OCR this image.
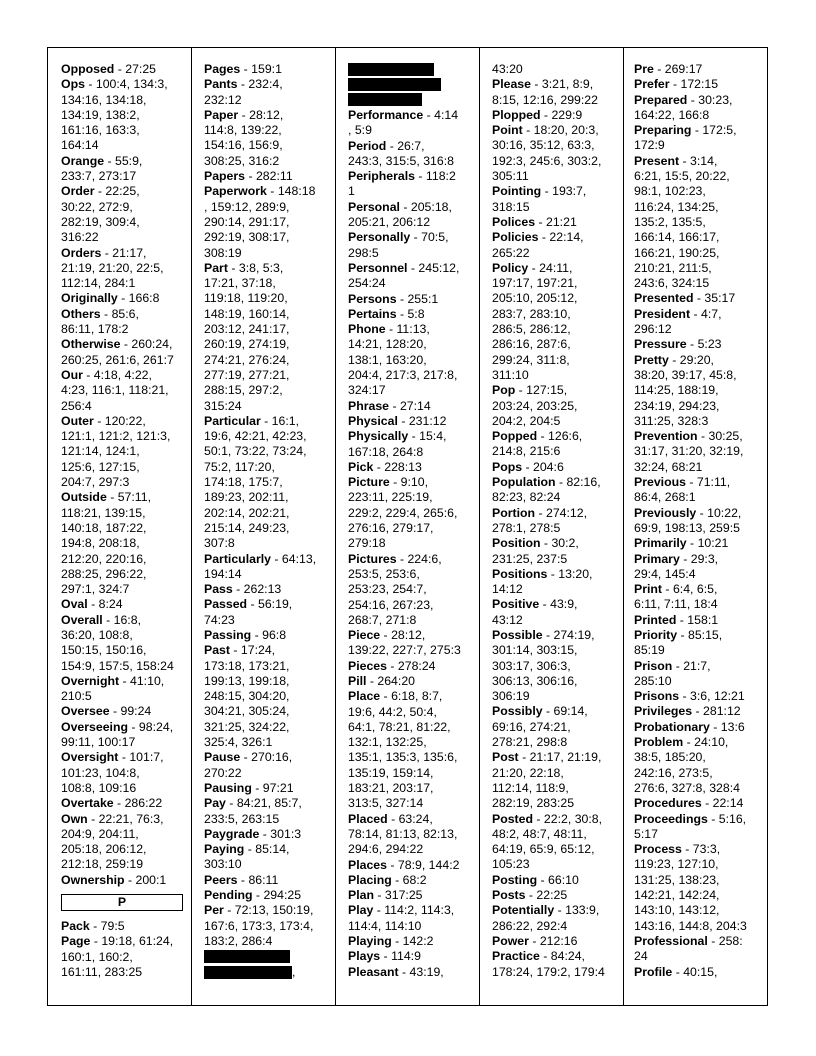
Opposed - 27:25
Ops - 100:4, 134:3,
134:16, 134:18,
134:19, 138:2,
161:16, 163:3,
164:14
Orange - 55:9,
233:7, 273:17
Order - 22:25,
30:22, 272:9,
282:19, 309:4,
316:22
Orders - 21:17,
21:19, 21:20, 22:5,
112:14, 284:1
Originally - 166:8
Others - 85:6,
86:11, 178:2
Otherwise - 260:24,
260:25, 261:6, 261:7
Our - 4:18, 4:22,
4:23, 116:1, 118:21,
256:4
Outer - 120:22,
121:1, 121:2, 121:3,
121:14, 124:1,
125:6, 127:15,
204:7, 297:3
Outside - 57:11,
118:21, 139:15,
140:18, 187:22,
194:8, 208:18,
212:20, 220:16,
288:25, 296:22,
297:1, 324:7
Oval - 8:24
Overall - 16:8,
36:20, 108:8,
150:15, 150:16,
154:9, 157:5, 158:24
Overnight - 41:10,
210:5
Oversee - 99:24
Overseeing - 98:24,
99:11, 100:17
Oversight - 101:7,
101:23, 104:8,
108:8, 109:16
Overtake - 286:22
Own - 22:21, 76:3,
204:9, 204:11,
205:18, 206:12,
212:18, 259:19
Ownership - 200:1
P
Pack - 79:5
Page - 19:18, 61:24,
160:1, 160:2,
161:11, 283:25
Pages - 159:1
Pants - 232:4,
232:12
Paper - 28:12,
114:8, 139:22,
154:16, 156:9,
308:25, 316:2
Papers - 282:11
Paperwork - 148:18
, 159:12, 289:9,
290:14, 291:17,
292:19, 308:17,
308:19
Part - 3:8, 5:3,
17:21, 37:18,
119:18, 119:20,
148:19, 160:14,
203:12, 241:17,
260:19, 274:19,
274:21, 276:24,
277:19, 277:21,
288:15, 297:2,
315:24
Particular - 16:1,
19:6, 42:21, 42:23,
50:1, 73:22, 73:24,
75:2, 117:20,
174:18, 175:7,
189:23, 202:11,
202:14, 202:21,
215:14, 249:23,
307:8
Particularly - 64:13,
194:14
Pass - 262:13
Passed - 56:19,
74:23
Passing - 96:8
Past - 17:24,
173:18, 173:21,
199:13, 199:18,
248:15, 304:20,
304:21, 305:24,
321:25, 324:22,
325:4, 326:1
Pause - 270:16,
270:22
Pausing - 97:21
Pay - 84:21, 85:7,
233:5, 263:15
Paygrade - 301:3
Paying - 85:14,
303:10
Peers - 86:11
Pending - 294:25
Per - 72:13, 150:19,
167:6, 173:3, 173:4,
183:2, 286:4
,
Performance - 4:14
, 5:9
Period - 26:7,
243:3, 315:5, 316:8
Peripherals - 118:2
1
Personal - 205:18,
205:21, 206:12
Personally - 70:5,
298:5
Personnel - 245:12,
254:24
Persons - 255:1
Pertains - 5:8
Phone - 11:13,
14:21, 128:20,
138:1, 163:20,
204:4, 217:3, 217:8,
324:17
Phrase - 27:14
Physical - 231:12
Physically - 15:4,
167:18, 264:8
Pick - 228:13
Picture - 9:10,
223:11, 225:19,
229:2, 229:4, 265:6,
276:16, 279:17,
279:18
Pictures - 224:6,
253:5, 253:6,
253:23, 254:7,
254:16, 267:23,
268:7, 271:8
Piece - 28:12,
139:22, 227:7, 275:3
Pieces - 278:24
Pill - 264:20
Place - 6:18, 8:7,
19:6, 44:2, 50:4,
64:1, 78:21, 81:22,
132:1, 132:25,
135:1, 135:3, 135:6,
135:19, 159:14,
183:21, 203:17,
313:5, 327:14
Placed - 63:24,
78:14, 81:13, 82:13,
294:6, 294:22
Places - 78:9, 144:2
Placing - 68:2
Plan - 317:25
Play - 114:2, 114:3,
114:4, 114:10
Playing - 142:2
Plays - 114:9
Pleasant - 43:19,
43:20
Please - 3:21, 8:9,
8:15, 12:16, 299:22
Plopped - 229:9
Point - 18:20, 20:3,
30:16, 35:12, 63:3,
192:3, 245:6, 303:2,
305:11
Pointing - 193:7,
318:15
Polices - 21:21
Policies - 22:14,
265:22
Policy - 24:11,
197:17, 197:21,
205:10, 205:12,
283:7, 283:10,
286:5, 286:12,
286:16, 287:6,
299:24, 311:8,
311:10
Pop - 127:15,
203:24, 203:25,
204:2, 204:5
Popped - 126:6,
214:8, 215:6
Pops - 204:6
Population - 82:16,
82:23, 82:24
Portion - 274:12,
278:1, 278:5
Position - 30:2,
231:25, 237:5
Positions - 13:20,
14:12
Positive - 43:9,
43:12
Possible - 274:19,
301:14, 303:15,
303:17, 306:3,
306:13, 306:16,
306:19
Possibly - 69:14,
69:16, 274:21,
278:21, 298:8
Post - 21:17, 21:19,
21:20, 22:18,
112:14, 118:9,
282:19, 283:25
Posted - 22:2, 30:8,
48:2, 48:7, 48:11,
64:19, 65:9, 65:12,
105:23
Posting - 66:10
Posts - 22:25
Potentially - 133:9,
286:22, 292:4
Power - 212:16
Practice - 84:24,
178:24, 179:2, 179:4
Pre - 269:17
Prefer - 172:15
Prepared - 30:23,
164:22, 166:8
Preparing - 172:5,
172:9
Present - 3:14,
6:21, 15:5, 20:22,
98:1, 102:23,
116:24, 134:25,
135:2, 135:5,
166:14, 166:17,
166:21, 190:25,
210:21, 211:5,
243:6, 324:15
Presented - 35:17
President - 4:7,
296:12
Pressure - 5:23
Pretty - 29:20,
38:20, 39:17, 45:8,
114:25, 188:19,
234:19, 294:23,
311:25, 328:3
Prevention - 30:25,
31:17, 31:20, 32:19,
32:24, 68:21
Previous - 71:11,
86:4, 268:1
Previously - 10:22,
69:9, 198:13, 259:5
Primarily - 10:21
Primary - 29:3,
29:4, 145:4
Print - 6:4, 6:5,
6:11, 7:11, 18:4
Printed - 158:1
Priority - 85:15,
85:19
Prison - 21:7,
285:10
Prisons - 3:6, 12:21
Privileges - 281:12
Probationary - 13:6
Problem - 24:10,
38:5, 185:20,
242:16, 273:5,
276:6, 327:8, 328:4
Procedures - 22:14
Proceedings - 5:16,
5:17
Process - 73:3,
119:23, 127:10,
131:25, 138:23,
142:21, 142:24,
143:10, 143:12,
143:16, 144:8, 204:3
Professional - 258:
24
Profile - 40:15,
